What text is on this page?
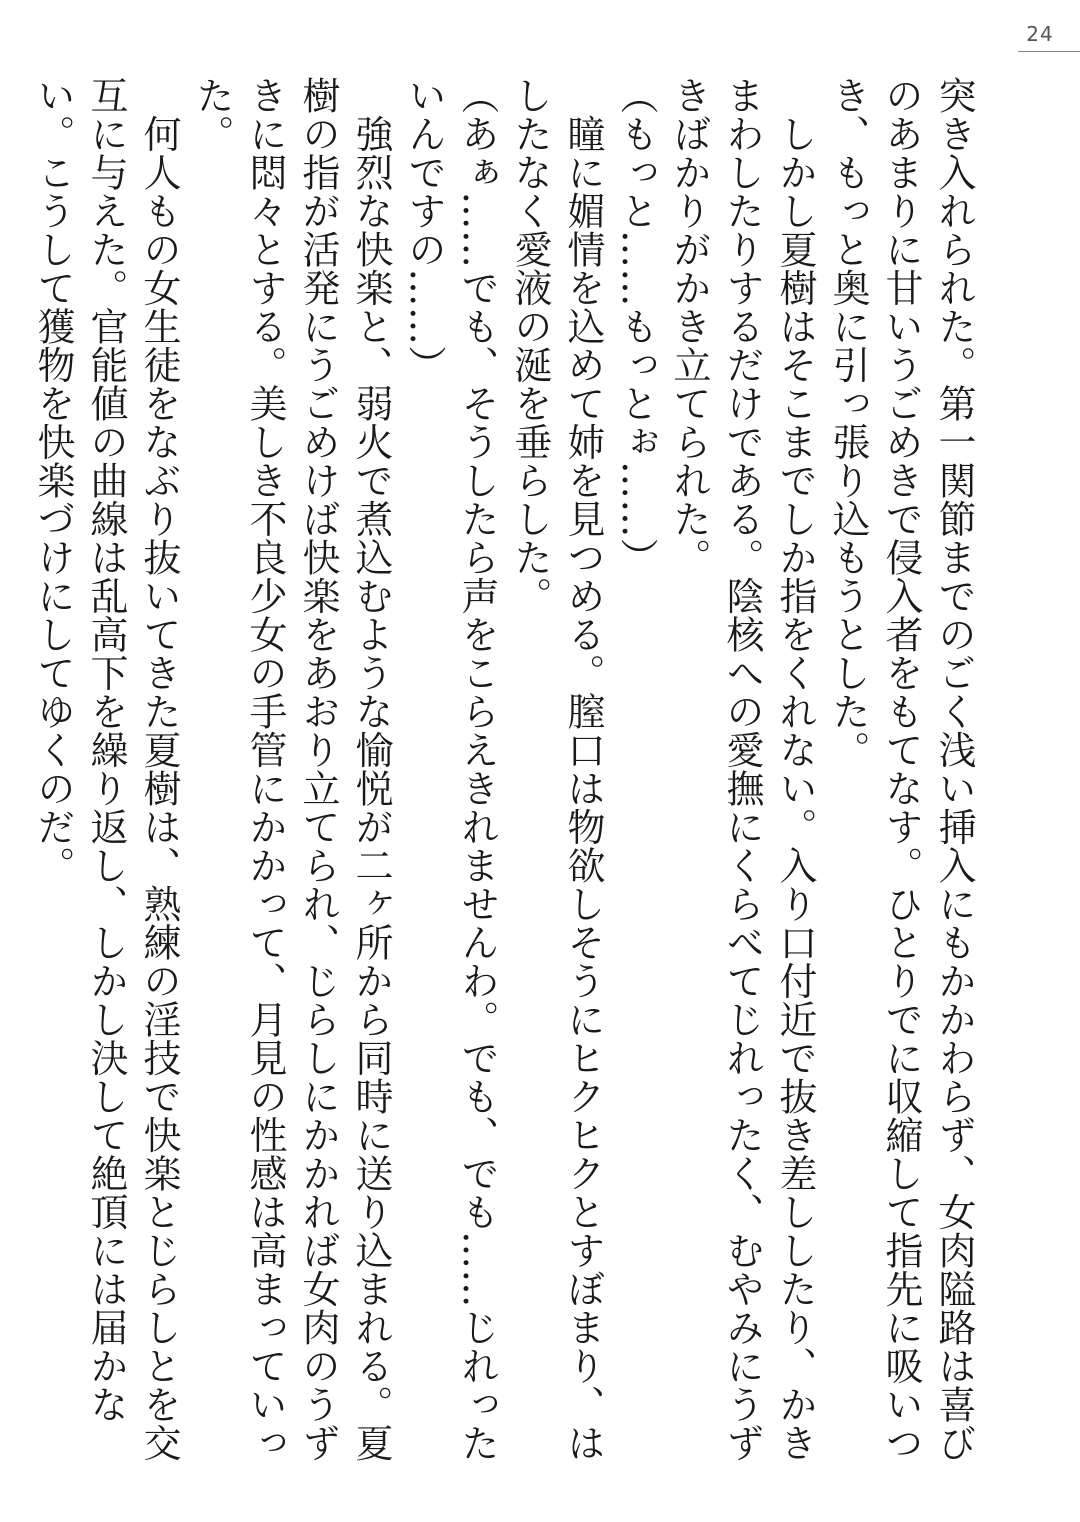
24

突き入れられた。第一関節までのごく浅い挿入にもかかわらず、女肉隘路は喜びのあまりに甘いうごめきで侵入者をもてなす。ひとりでに収縮して指先に吸いつき、もっと奥に引っ張り込もうとした。

　しかし夏樹はそこまでしか指をくれない。入り口付近で抜き差ししたり、かきまわしたりするだけである。陰核への愛撫にくらべてじれったく、むやみにうずきばかりがかき立てられた。

（もっと……もっとぉ……）

　瞳に媚情を込めて姉を見つめる。膣口は物欲しそうにヒクヒクとすぼまり、はしたなく愛液の涎を垂らした。

（あぁ……でも、そうしたら声をこらえきれませんわ。でも、でも……じれったいんですの……）

　強烈な快楽と、弱火で煮込むような愉悦が二ヶ所から同時に送り込まれる。夏樹の指が活発にうごめけば快楽をあおり立てられ、じらしにかかれば女肉のうずきに悶々とする。美しき不良少女の手管にかかって、月見の性感は高まっていった。

　何人もの女生徒をなぶり抜いてきた夏樹は、熟練の淫技で快楽とじらしとを交互に与えた。官能値の曲線は乱高下を繰り返し、しかし決して絶頂には届かない。こうして獲物を快楽づけにしてゆくのだ。
